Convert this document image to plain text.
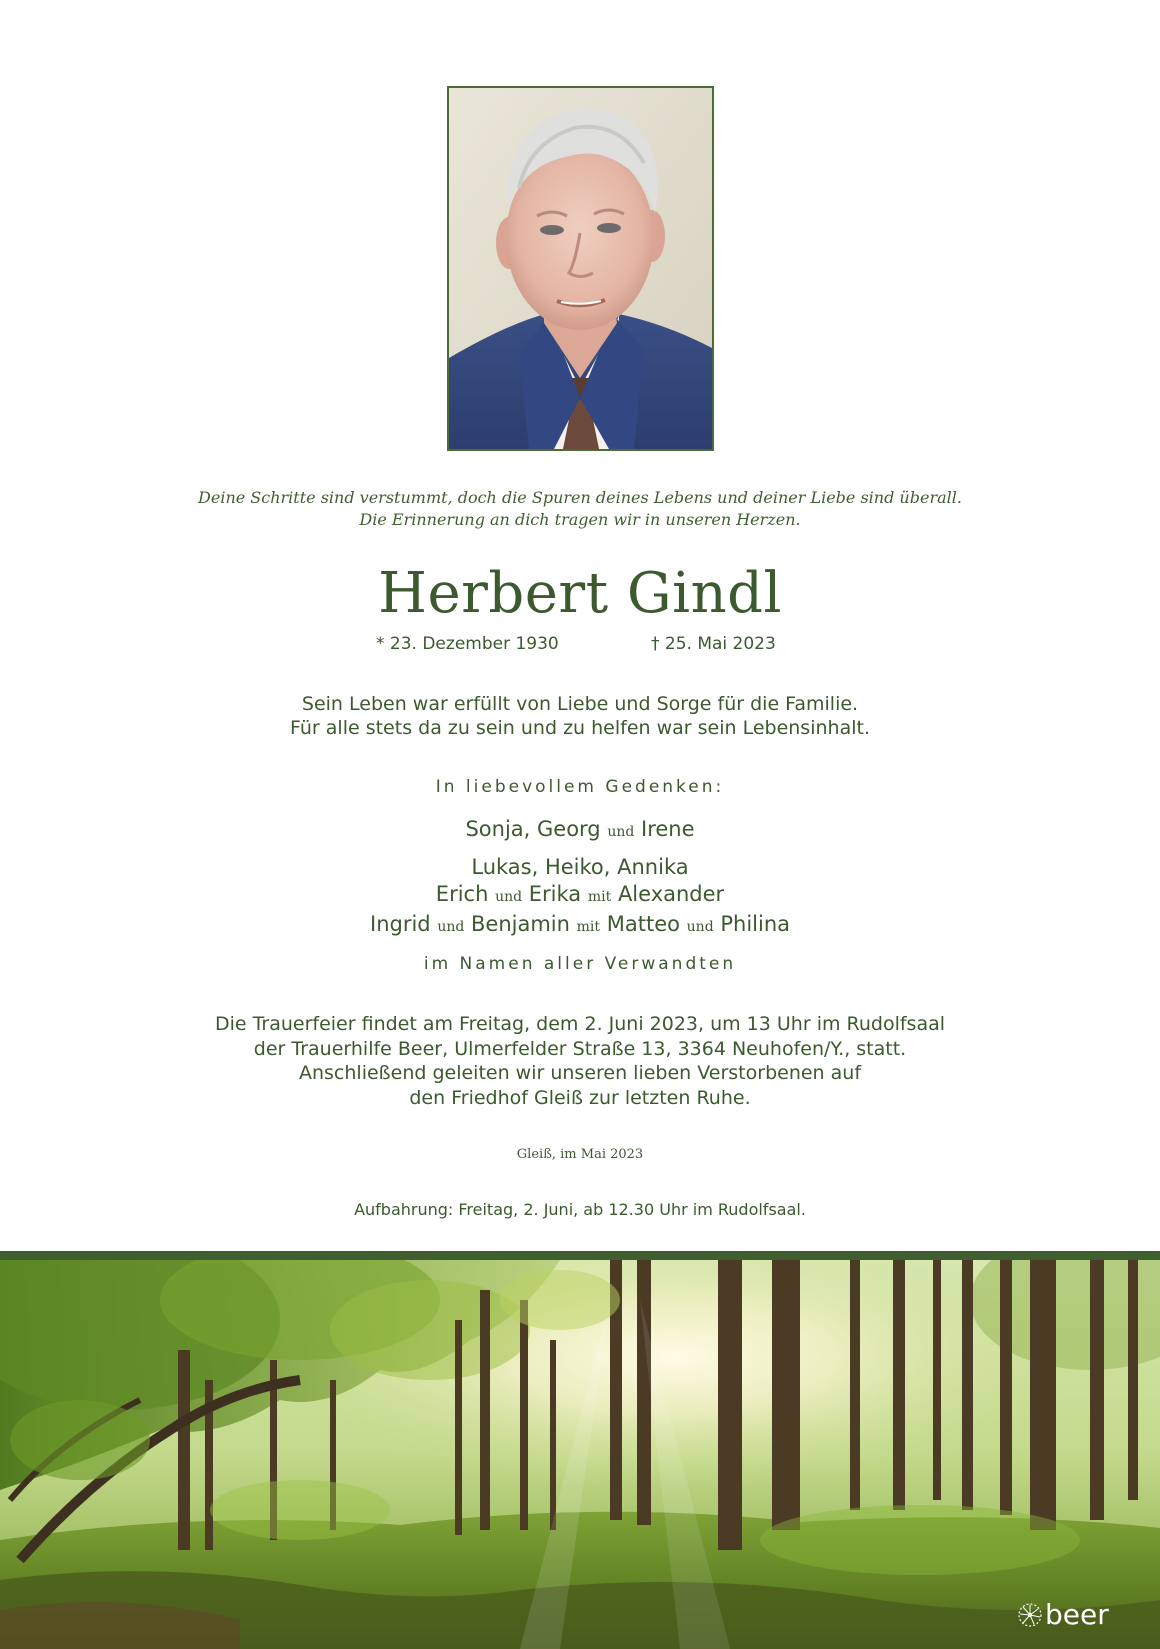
Deine Schritte sind verstummt, doch die Spuren deines Lebens und deiner Liebe sind überall.
Die Erinnerung an dich tragen wir in unseren Herzen.
Herbert Gindl
* 23. Dezember 1930	† 25. Mai 2023
Sein Leben war erfüllt von Liebe und Sorge für die Familie.
Für alle stets da zu sein und zu helfen war sein Lebensinhalt.
In liebevollem Gedenken:
Sonja, Georg und Irene
Lukas, Heiko, Annika
Erich und Erika mit Alexander
Ingrid und Benjamin mit Matteo und Philina
im Namen aller Verwandten
Die Trauerfeier findet am Freitag, dem 2. Juni 2023, um 13 Uhr im Rudolfsaal
der Trauerhilfe Beer, Ulmerfelder Straße 13, 3364 Neuhofen/Y., statt.
Anschließend geleiten wir unseren lieben Verstorbenen auf
den Friedhof Gleiß zur letzten Ruhe.
Gleiß, im Mai 2023
Aufbahrung: Freitag, 2. Juni, ab 12.30 Uhr im Rudolfsaal.
beer
